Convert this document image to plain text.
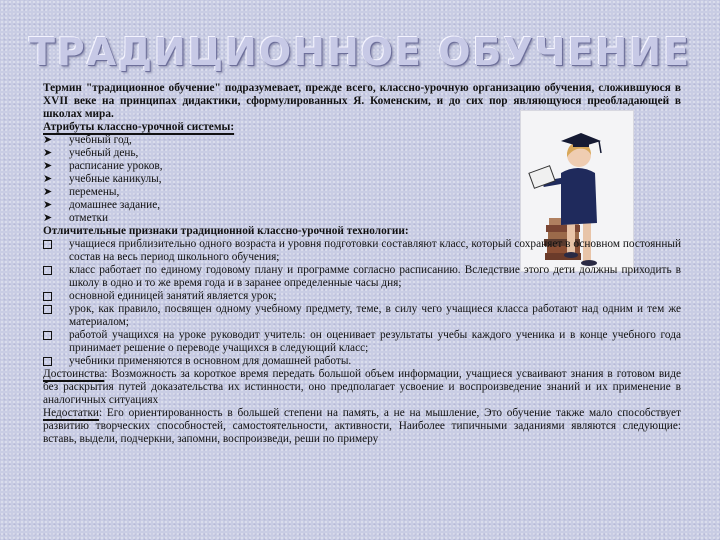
ТРАДИЦИОННОЕ ОБУЧЕНИЕ

Термин "традиционное обучение" подразумевает, прежде всего, классно-урочную организацию обучения, сложившуюся в XVII веке на принципах дидактики, сформулированных Я. Коменским, и до сих пор являющуюся преобладающей в школах мира.

Атрибуты классно-урочной системы:

➤	учебный год,
➤	учебный день,
➤	расписание уроков,
➤	учебные каникулы,
➤	перемены,
➤	домашнее задание,
➤	отметки

Отличительные признаки традиционной классно-урочной технологии:

учащиеся приблизительно одного возраста и уровня подготовки составляют класс, который сохраняет в основном постоянный состав на весь период школьного обучения;
класс работает по единому годовому плану и программе согласно расписанию. Вследствие этого дети должны приходить в школу в одно и то же время года и в заранее определенные часы дня;
основной единицей занятий является урок;
урок, как правило, посвящен одному учебному предмету, теме, в силу чего учащиеся класса работают над одним и тем же материалом;
работой учащихся на уроке руководит учитель: он оценивает результаты учебы каждого ученика и в конце учебного года принимает решение о переводе учащихся в следующий класс;
учебники применяются в основном для домашней работы.

Достоинства: Возможность за короткое время передать большой объем информации, учащиеся усваивают знания в готовом виде без раскрытия путей доказательства их истинности, оно предполагает усвоение и воспроизведение знаний и их применение в аналогичных ситуациях

Недостатки: Его ориентированность в большей степени на память, а не на мышление, Это обучение также мало способствует развитию творческих способностей, самостоятельности, активности, Наиболее типичными заданиями являются следующие: вставь, выдели, подчеркни, запомни, воспроизведи, реши по примеру
